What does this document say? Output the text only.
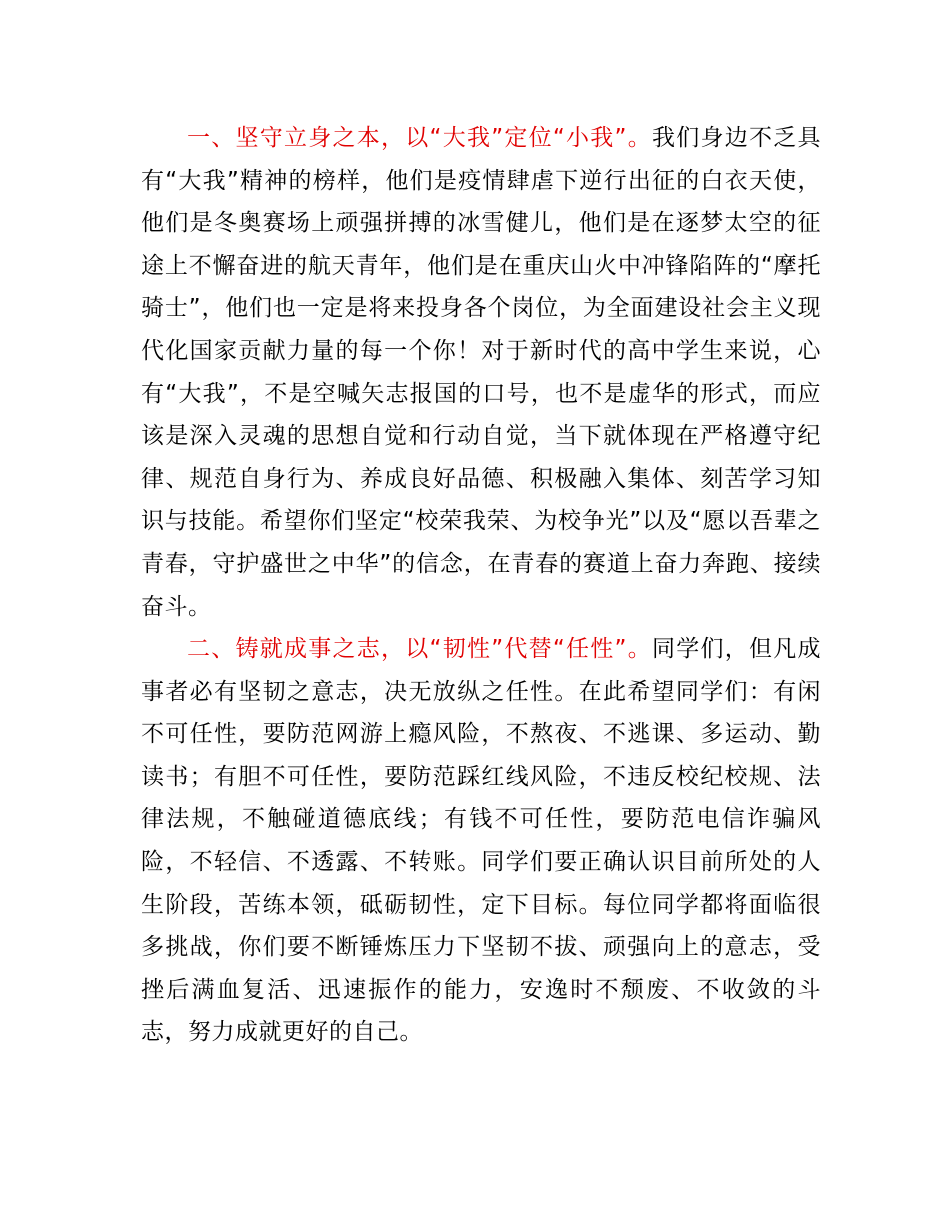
一、坚守立身之本，以“大我”定位“小我”。我们身边不乏具有“大我”精神的榜样，他们是疫情肆虐下逆行出征的白衣天使，他们是冬奥赛场上顽强拼搏的冰雪健儿，他们是在逐梦太空的征途上不懈奋进的航天青年，他们是在重庆山火中冲锋陷阵的“摩托骑士”，他们也一定是将来投身各个岗位，为全面建设社会主义现代化国家贡献力量的每一个你！对于新时代的高中学生来说，心有“大我”，不是空喊矢志报国的口号，也不是虚华的形式，而应该是深入灵魂的思想自觉和行动自觉，当下就体现在严格遵守纪律、规范自身行为、养成良好品德、积极融入集体、刻苦学习知识与技能。希望你们坚定“校荣我荣、为校争光”以及“愿以吾辈之青春，守护盛世之中华”的信念，在青春的赛道上奋力奔跑、接续奋斗。

二、铸就成事之志，以“韧性”代替“任性”。同学们，但凡成事者必有坚韧之意志，决无放纵之任性。在此希望同学们：有闲不可任性，要防范网游上瘾风险，不熬夜、不逃课、多运动、勤读书；有胆不可任性，要防范踩红线风险，不违反校纪校规、法律法规，不触碰道德底线；有钱不可任性，要防范电信诈骗风险，不轻信、不透露、不转账。同学们要正确认识目前所处的人生阶段，苦练本领，砥砺韧性，定下目标。每位同学都将面临很多挑战，你们要不断锤炼压力下坚韧不拔、顽强向上的意志，受挫后满血复活、迅速振作的能力，安逸时不颓废、不收敛的斗志，努力成就更好的自己。
